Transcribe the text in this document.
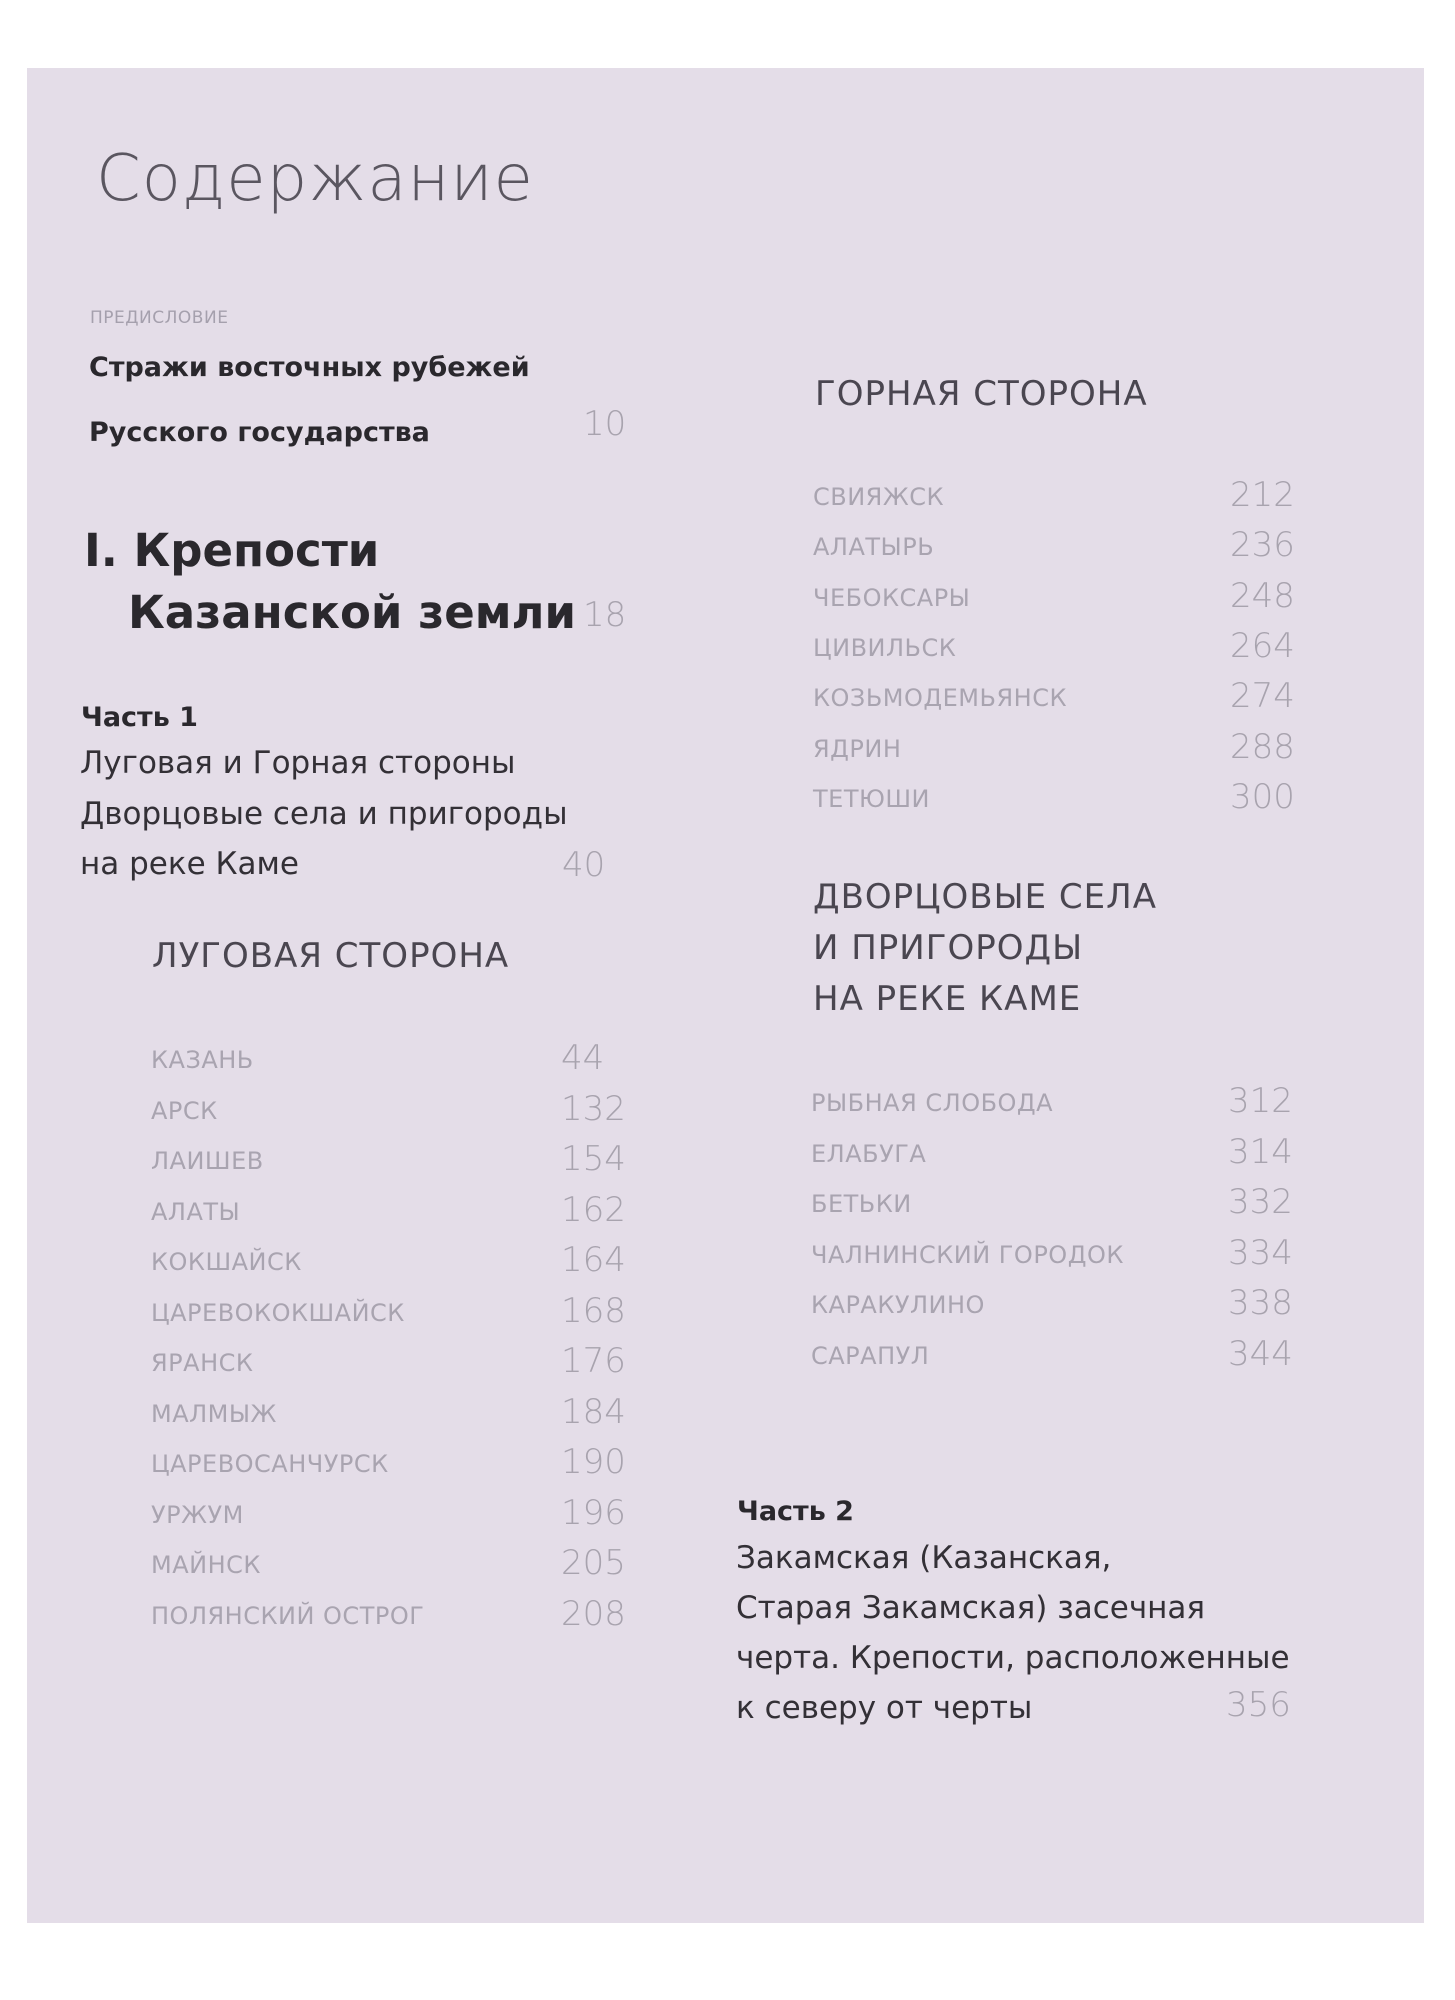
Содержание
ПРЕДИСЛОВИЕ
Стражи восточных рубежей
Русского государства	10
I. Крепости
Казанской земли 18
Часть 1
Луговая и Горная стороны
Дворцовые села и пригороды
на реке Каме	40
ЛУГОВАЯ СТОРОНА
КАЗАНЬ	44
АРСК	132
ЛАИШЕВ	154
АЛАТЫ	162
КОКШАЙСК	164
ЦАРЕВОКОКШАЙСК	168
ЯРАНСК	176
МАЛМЫЖ	184
ЦАРЕВОСАНЧУРСК	190
УРЖУМ	196
МАЙНСК	205
ПОЛЯНСКИЙ ОСТРОГ	208
ГОРНАЯ СТОРОНА
СВИЯЖСК	212
АЛАТЫРЬ	236
ЧЕБОКСАРЫ	248
ЦИВИЛЬСК	264
КОЗЬМОДЕМЬЯНСК	274
ЯДРИН	288
ТЕТЮШИ	300
ДВОРЦОВЫЕ СЕЛА
И ПРИГОРОДЫ
НА РЕКЕ КАМЕ
РЫБНАЯ СЛОБОДА	312
ЕЛАБУГА	314
БЕТЬКИ	332
ЧАЛНИНСКИЙ ГОРОДОК	334
КАРАКУЛИНО	338
САРАПУЛ	344
Часть 2
Закамская (Казанская,
Старая Закамская) засечная
черта. Крепости, расположенные
к северу от черты	356
